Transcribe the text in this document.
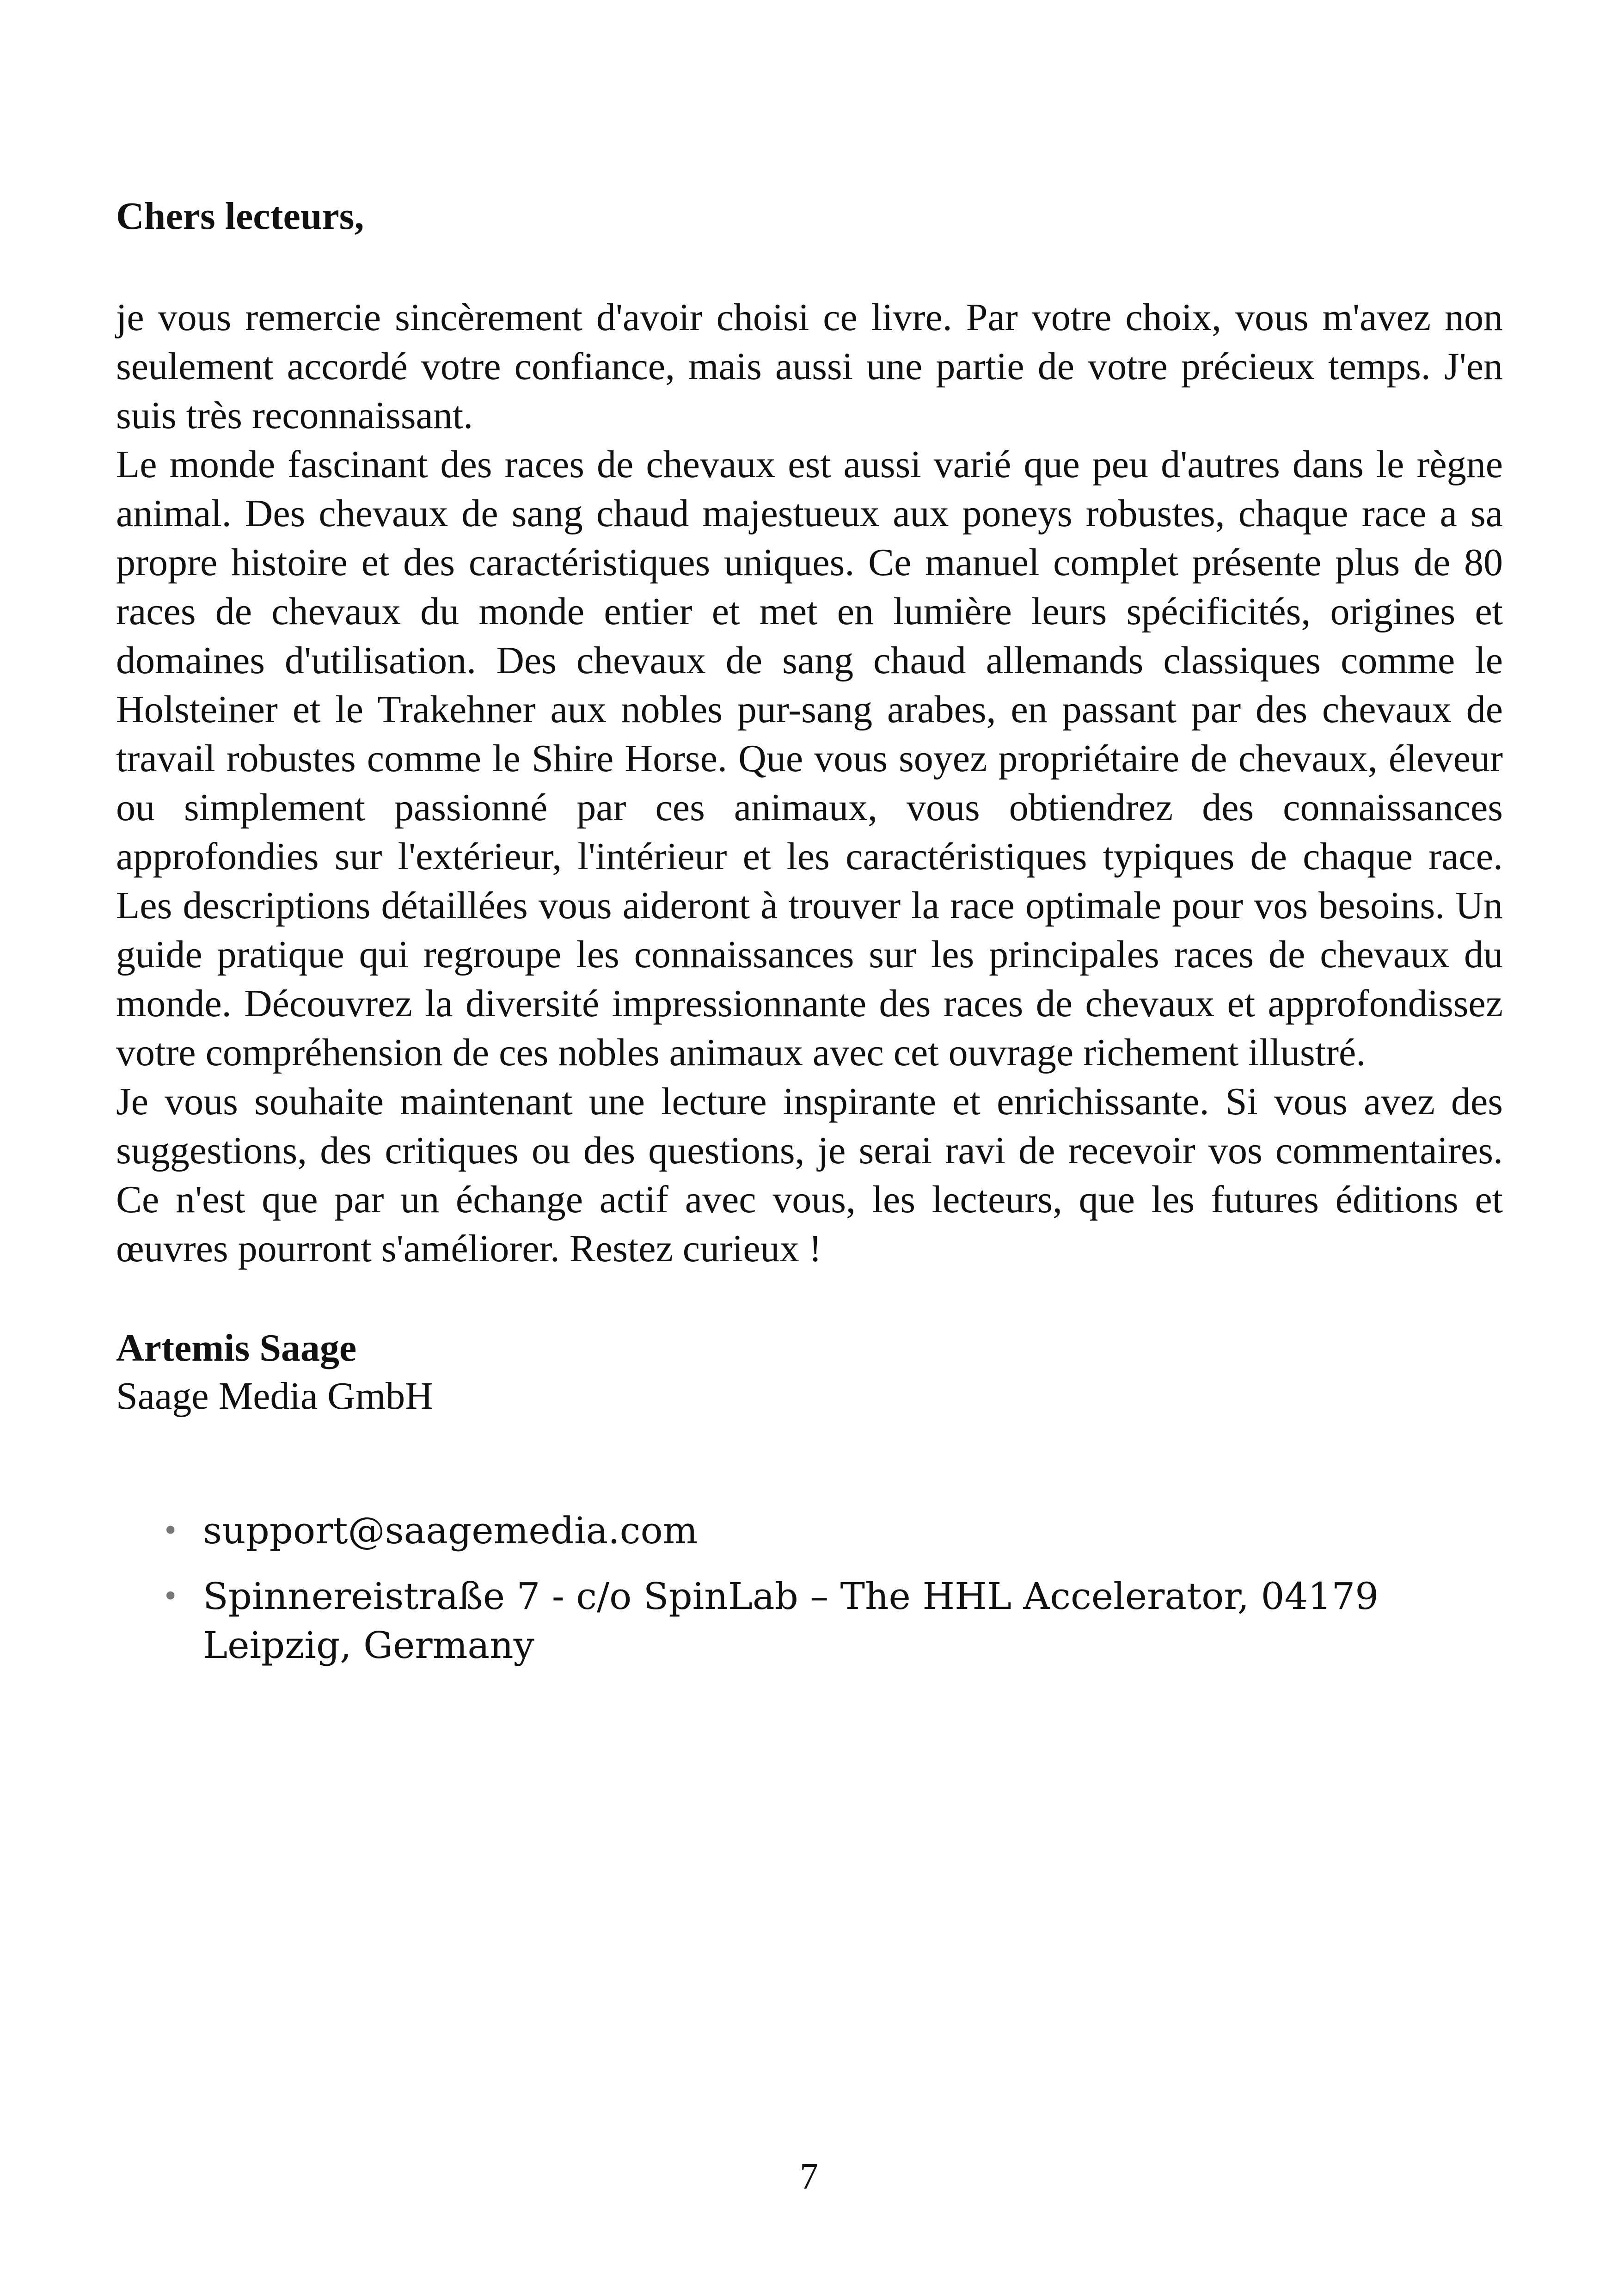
Chers lecteurs,

je vous remercie sincèrement d'avoir choisi ce livre. Par votre choix, vous m'avez non seulement accordé votre confiance, mais aussi une partie de votre précieux temps. J'en suis très reconnaissant.

Le monde fascinant des races de chevaux est aussi varié que peu d'autres dans le règne animal. Des chevaux de sang chaud majestueux aux poneys robustes, chaque race a sa propre histoire et des caractéristiques uniques. Ce manuel complet présente plus de 80 races de chevaux du monde entier et met en lumière leurs spécificités, origines et domaines d'utilisation. Des chevaux de sang chaud allemands classiques comme le Holsteiner et le Trakehner aux nobles pur-sang arabes, en passant par des chevaux de travail robustes comme le Shire Horse. Que vous soyez propriétaire de chevaux, éleveur ou simplement passionné par ces animaux, vous obtiendrez des connaissances approfondies sur l'extérieur, l'intérieur et les caractéristiques typiques de chaque race. Les descriptions détaillées vous aideront à trouver la race optimale pour vos besoins. Un guide pratique qui regroupe les connaissances sur les principales races de chevaux du monde. Découvrez la diversité impressionnante des races de chevaux et approfondissez votre compréhension de ces nobles animaux avec cet ouvrage richement illustré.

Je vous souhaite maintenant une lecture inspirante et enrichissante. Si vous avez des suggestions, des critiques ou des questions, je serai ravi de recevoir vos commentaires. Ce n'est que par un échange actif avec vous, les lecteurs, que les futures éditions et œuvres pourront s'améliorer. Restez curieux !

Artemis Saage
Saage Media GmbH
• support@saagemedia.com
• Spinnereistraße 7 - c/o SpinLab – The HHL Accelerator, 04179 Leipzig, Germany
7
